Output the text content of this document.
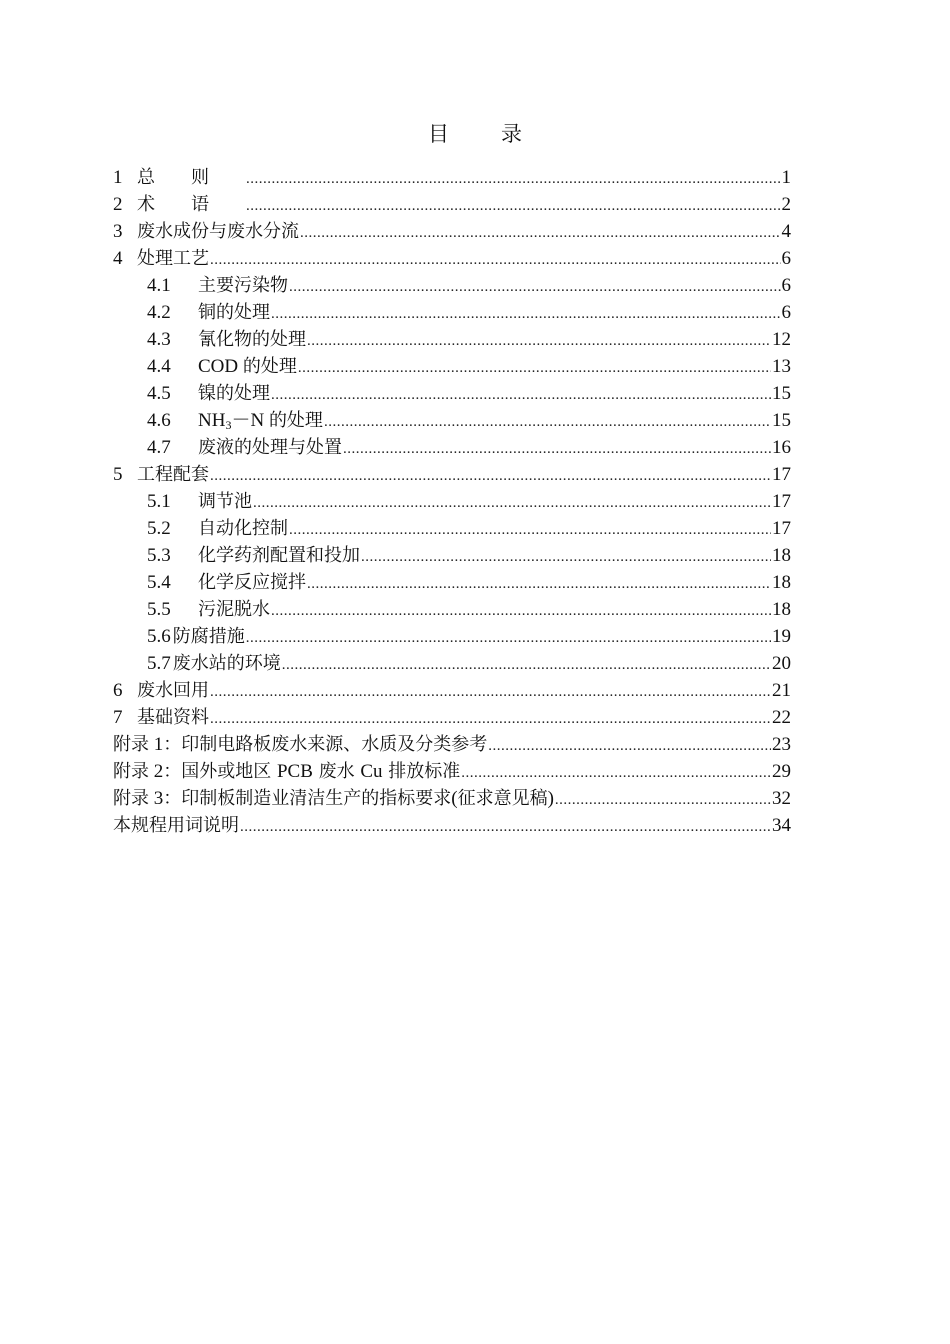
目 录
1 总则 .....	1
2 术语 .....	2
3 废水成份与废水分流 .....	4
4 处理工艺 .....	6
4.1	主要污染物 .....	6
4.2	铜的处理 .....	6
4.3	氰化物的处理 .....	12
4.4	COD 的处理 .....	13
4.5	镍的处理 .....	15
4.6	$NH_3-N$ 的处理 .....	15
4.7	废液的处理与处置 .....	16
5 工程配套 .....	17
5.1	调节池 .....	17
5.2	自动化控制 .....	17
5.3	化学药剂配置和投加 .....	18
5.4	化学反应搅拌 .....	18
5.5	污泥脱水 .....	18
5.6 防腐措施 .....	19
5.7 废水站的环境 .....	20
6 废水回用 .....	21
7 基础资料 .....	22
附录 1：印制电路板废水来源、水质及分类参考 .....	23
附录 2：国外或地区 PCB 废水 Cu 排放标准 .....	29
附录 3：印制板制造业清洁生产的指标要求(征求意见稿) .....	32
本规程用词说明 .....	34
